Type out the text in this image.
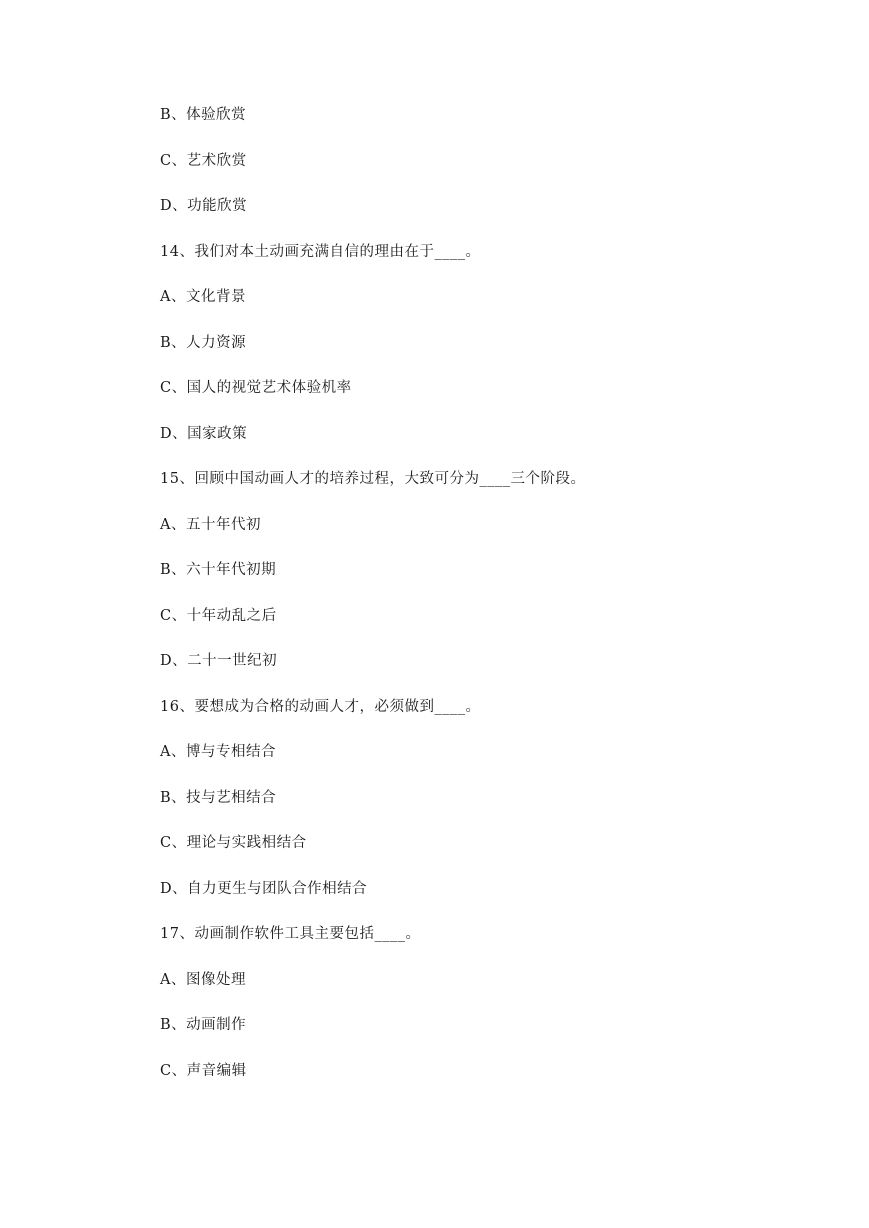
B、体验欣赏
C、艺术欣赏
D、功能欣赏
14、我们对本土动画充满自信的理由在于____。
A、文化背景
B、人力资源
C、国人的视觉艺术体验机率
D、国家政策
15、回顾中国动画人才的培养过程，大致可分为____三个阶段。
A、五十年代初
B、六十年代初期
C、十年动乱之后
D、二十一世纪初
16、要想成为合格的动画人才，必须做到____。
A、博与专相结合
B、技与艺相结合
C、理论与实践相结合
D、自力更生与团队合作相结合
17、动画制作软件工具主要包括____。
A、图像处理
B、动画制作
C、声音编辑
